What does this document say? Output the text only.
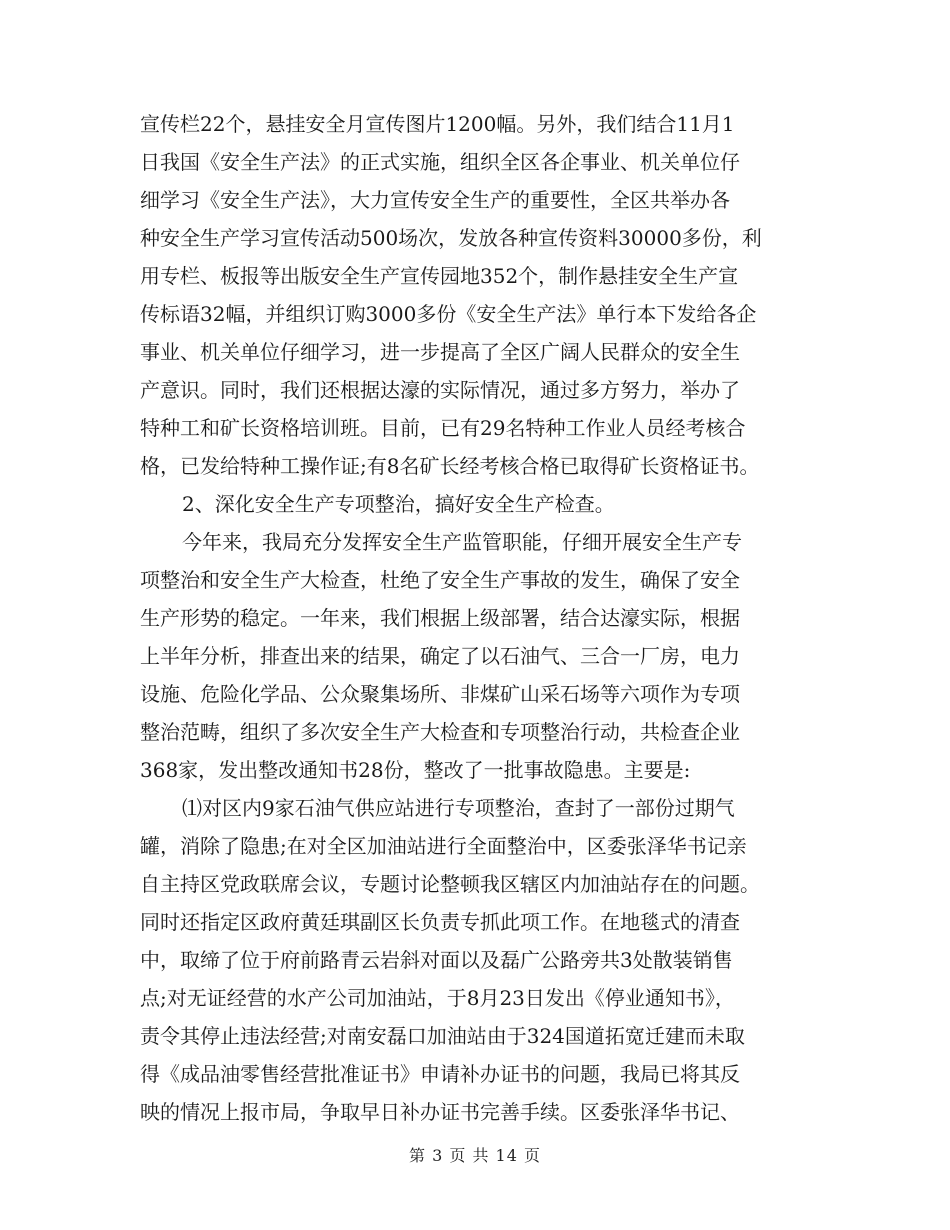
宣传栏22个，悬挂安全月宣传图片1200幅。另外，我们结合11月1
日我国《安全生产法》的正式实施，组织全区各企事业、机关单位仔
细学习《安全生产法》，大力宣传安全生产的重要性，全区共举办各
种安全生产学习宣传活动500场次，发放各种宣传资料30000多份，利
用专栏、板报等出版安全生产宣传园地352个，制作悬挂安全生产宣
传标语32幅，并组织订购3000多份《安全生产法》单行本下发给各企
事业、机关单位仔细学习，进一步提高了全区广阔人民群众的安全生
产意识。同时，我们还根据达濠的实际情况，通过多方努力，举办了
特种工和矿长资格培训班。目前，已有29名特种工作业人员经考核合
格，已发给特种工操作证;有8名矿长经考核合格已取得矿长资格证书。
2、深化安全生产专项整治，搞好安全生产检查。
今年来，我局充分发挥安全生产监管职能，仔细开展安全生产专
项整治和安全生产大检查，杜绝了安全生产事故的发生，确保了安全
生产形势的稳定。一年来，我们根据上级部署，结合达濠实际，根据
上半年分析，排查出来的结果，确定了以石油气、三合一厂房，电力
设施、危险化学品、公众聚集场所、非煤矿山采石场等六项作为专项
整治范畴，组织了多次安全生产大检查和专项整治行动，共检查企业
368家，发出整改通知书28份，整改了一批事故隐患。主要是:
⑴对区内9家石油气供应站进行专项整治，查封了一部份过期气
罐，消除了隐患;在对全区加油站进行全面整治中，区委张泽华书记亲
自主持区党政联席会议，专题讨论整顿我区辖区内加油站存在的问题。
同时还指定区政府黄廷琪副区长负责专抓此项工作。在地毯式的清查
中，取缔了位于府前路青云岩斜对面以及磊广公路旁共3处散装销售
点;对无证经营的水产公司加油站，于8月23日发出《停业通知书》，
责令其停止违法经营;对南安磊口加油站由于324国道拓宽迁建而未取
得《成品油零售经营批准证书》申请补办证书的问题，我局已将其反
映的情况上报市局，争取早日补办证书完善手续。区委张泽华书记、
第 3 页 共 14 页
